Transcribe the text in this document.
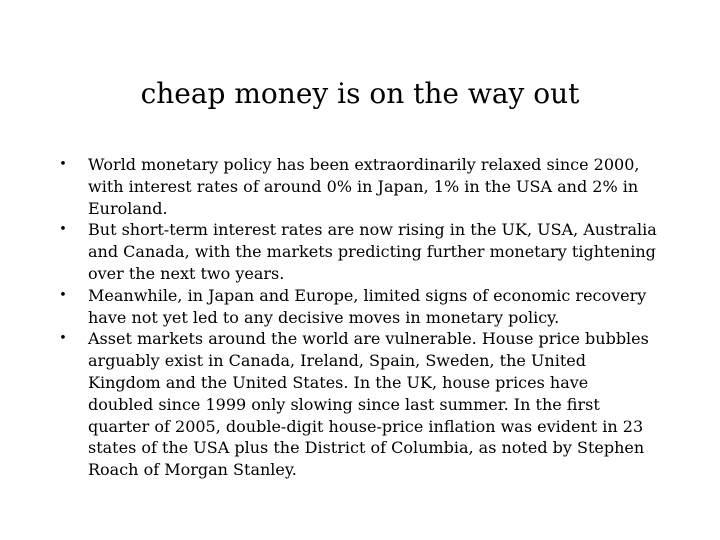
cheap money is on the way out
• World monetary policy has been extraordinarily relaxed since 2000, with interest rates of around 0% in Japan, 1% in the USA and 2% in Euroland.
• But short-term interest rates are now rising in the UK, USA, Australia and Canada, with the markets predicting further monetary tightening over the next two years.
• Meanwhile, in Japan and Europe, limited signs of economic recovery have not yet led to any decisive moves in monetary policy.
• Asset markets around the world are vulnerable. House price bubbles arguably exist in Canada, Ireland, Spain, Sweden, the United Kingdom and the United States. In the UK, house prices have doubled since 1999 only slowing since last summer. In the first quarter of 2005, double-digit house-price inflation was evident in 23 states of the USA plus the District of Columbia, as noted by Stephen Roach of Morgan Stanley.
